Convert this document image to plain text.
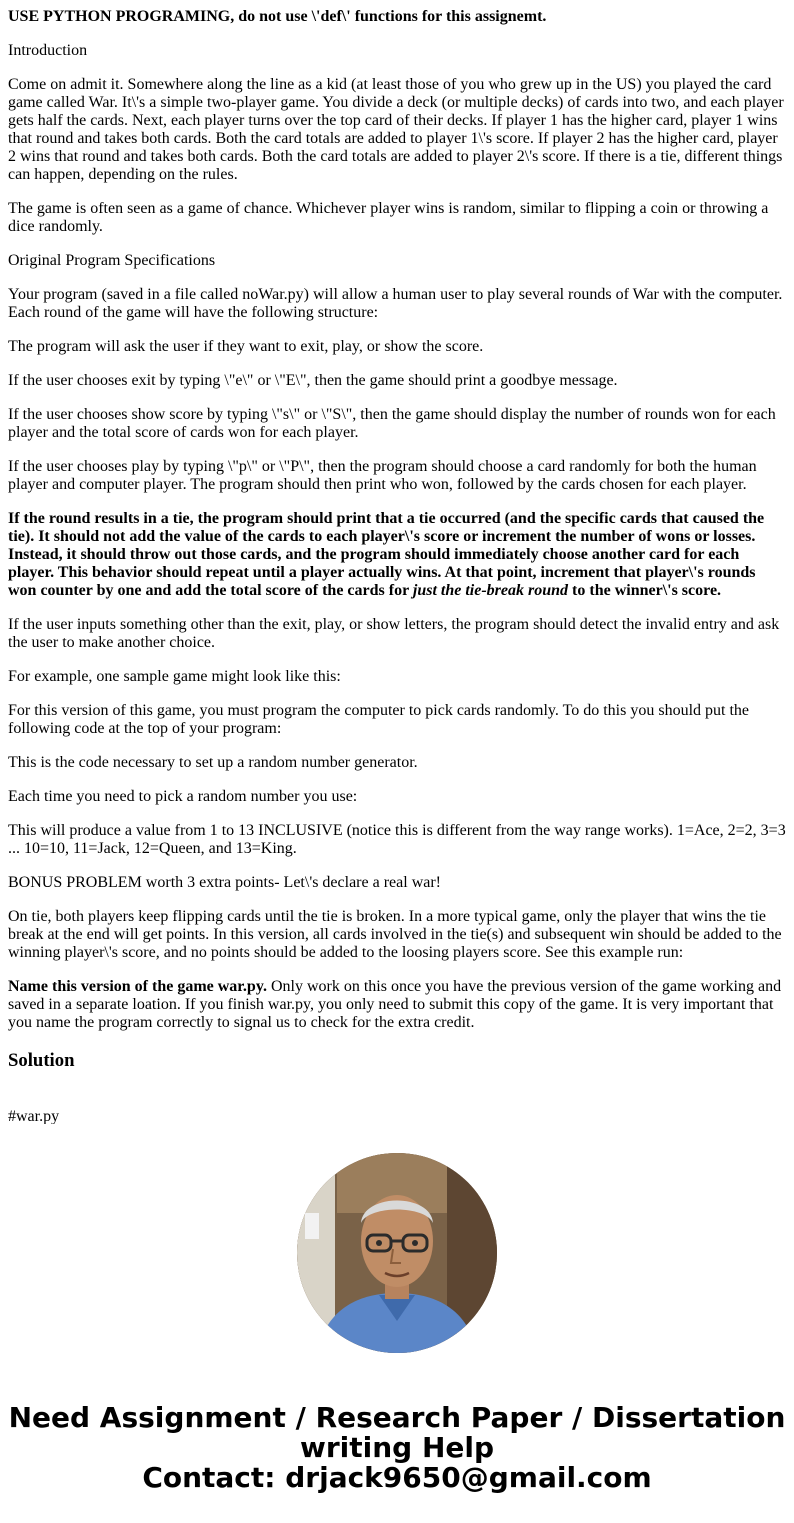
USE PYTHON PROGRAMING, do not use \'def\' functions for this assignemt.

Introduction

Come on admit it. Somewhere along the line as a kid (at least those of you who grew up in the US) you played the card game called War. It\'s a simple two-player game. You divide a deck (or multiple decks) of cards into two, and each player gets half the cards. Next, each player turns over the top card of their decks. If player 1 has the higher card, player 1 wins that round and takes both cards. Both the card totals are added to player 1\'s score. If player 2 has the higher card, player 2 wins that round and takes both cards. Both the card totals are added to player 2\'s score. If there is a tie, different things can happen, depending on the rules.

The game is often seen as a game of chance. Whichever player wins is random, similar to flipping a coin or throwing a dice randomly.

Original Program Specifications

Your program (saved in a file called noWar.py) will allow a human user to play several rounds of War with the computer. Each round of the game will have the following structure:

The program will ask the user if they want to exit, play, or show the score.

If the user chooses exit by typing \"e\" or \"E\", then the game should print a goodbye message.

If the user chooses show score by typing \"s\" or \"S\", then the game should display the number of rounds won for each player and the total score of cards won for each player.

If the user chooses play by typing \"p\" or \"P\", then the program should choose a card randomly for both the human player and computer player. The program should then print who won, followed by the cards chosen for each player.

If the round results in a tie, the program should print that a tie occurred (and the specific cards that caused the tie). It should not add the value of the cards to each player\'s score or increment the number of wons or losses. Instead, it should throw out those cards, and the program should immediately choose another card for each player. This behavior should repeat until a player actually wins. At that point, increment that player\'s rounds won counter by one and add the total score of the cards for just the tie-break round to the winner\'s score.

If the user inputs something other than the exit, play, or show letters, the program should detect the invalid entry and ask the user to make another choice.

For example, one sample game might look like this:

For this version of this game, you must program the computer to pick cards randomly. To do this you should put the following code at the top of your program:

This is the code necessary to set up a random number generator.

Each time you need to pick a random number you use:

This will produce a value from 1 to 13 INCLUSIVE (notice this is different from the way range works). 1=Ace, 2=2, 3=3 ... 10=10, 11=Jack, 12=Queen, and 13=King.

BONUS PROBLEM worth 3 extra points- Let\'s declare a real war!

On tie, both players keep flipping cards until the tie is broken. In a more typical game, only the player that wins the tie break at the end will get points. In this version, all cards involved in the tie(s) and subsequent win should be added to the winning player\'s score, and no points should be added to the loosing players score. See this example run:

Name this version of the game war.py. Only work on this once you have the previous version of the game working and saved in a separate loation. If you finish war.py, you only need to submit this copy of the game. It is very important that you name the program correctly to signal us to check for the extra credit.

Solution
#war.py
Need Assignment / Research Paper / Dissertation
writing Help
Contact: drjack9650@gmail.com
